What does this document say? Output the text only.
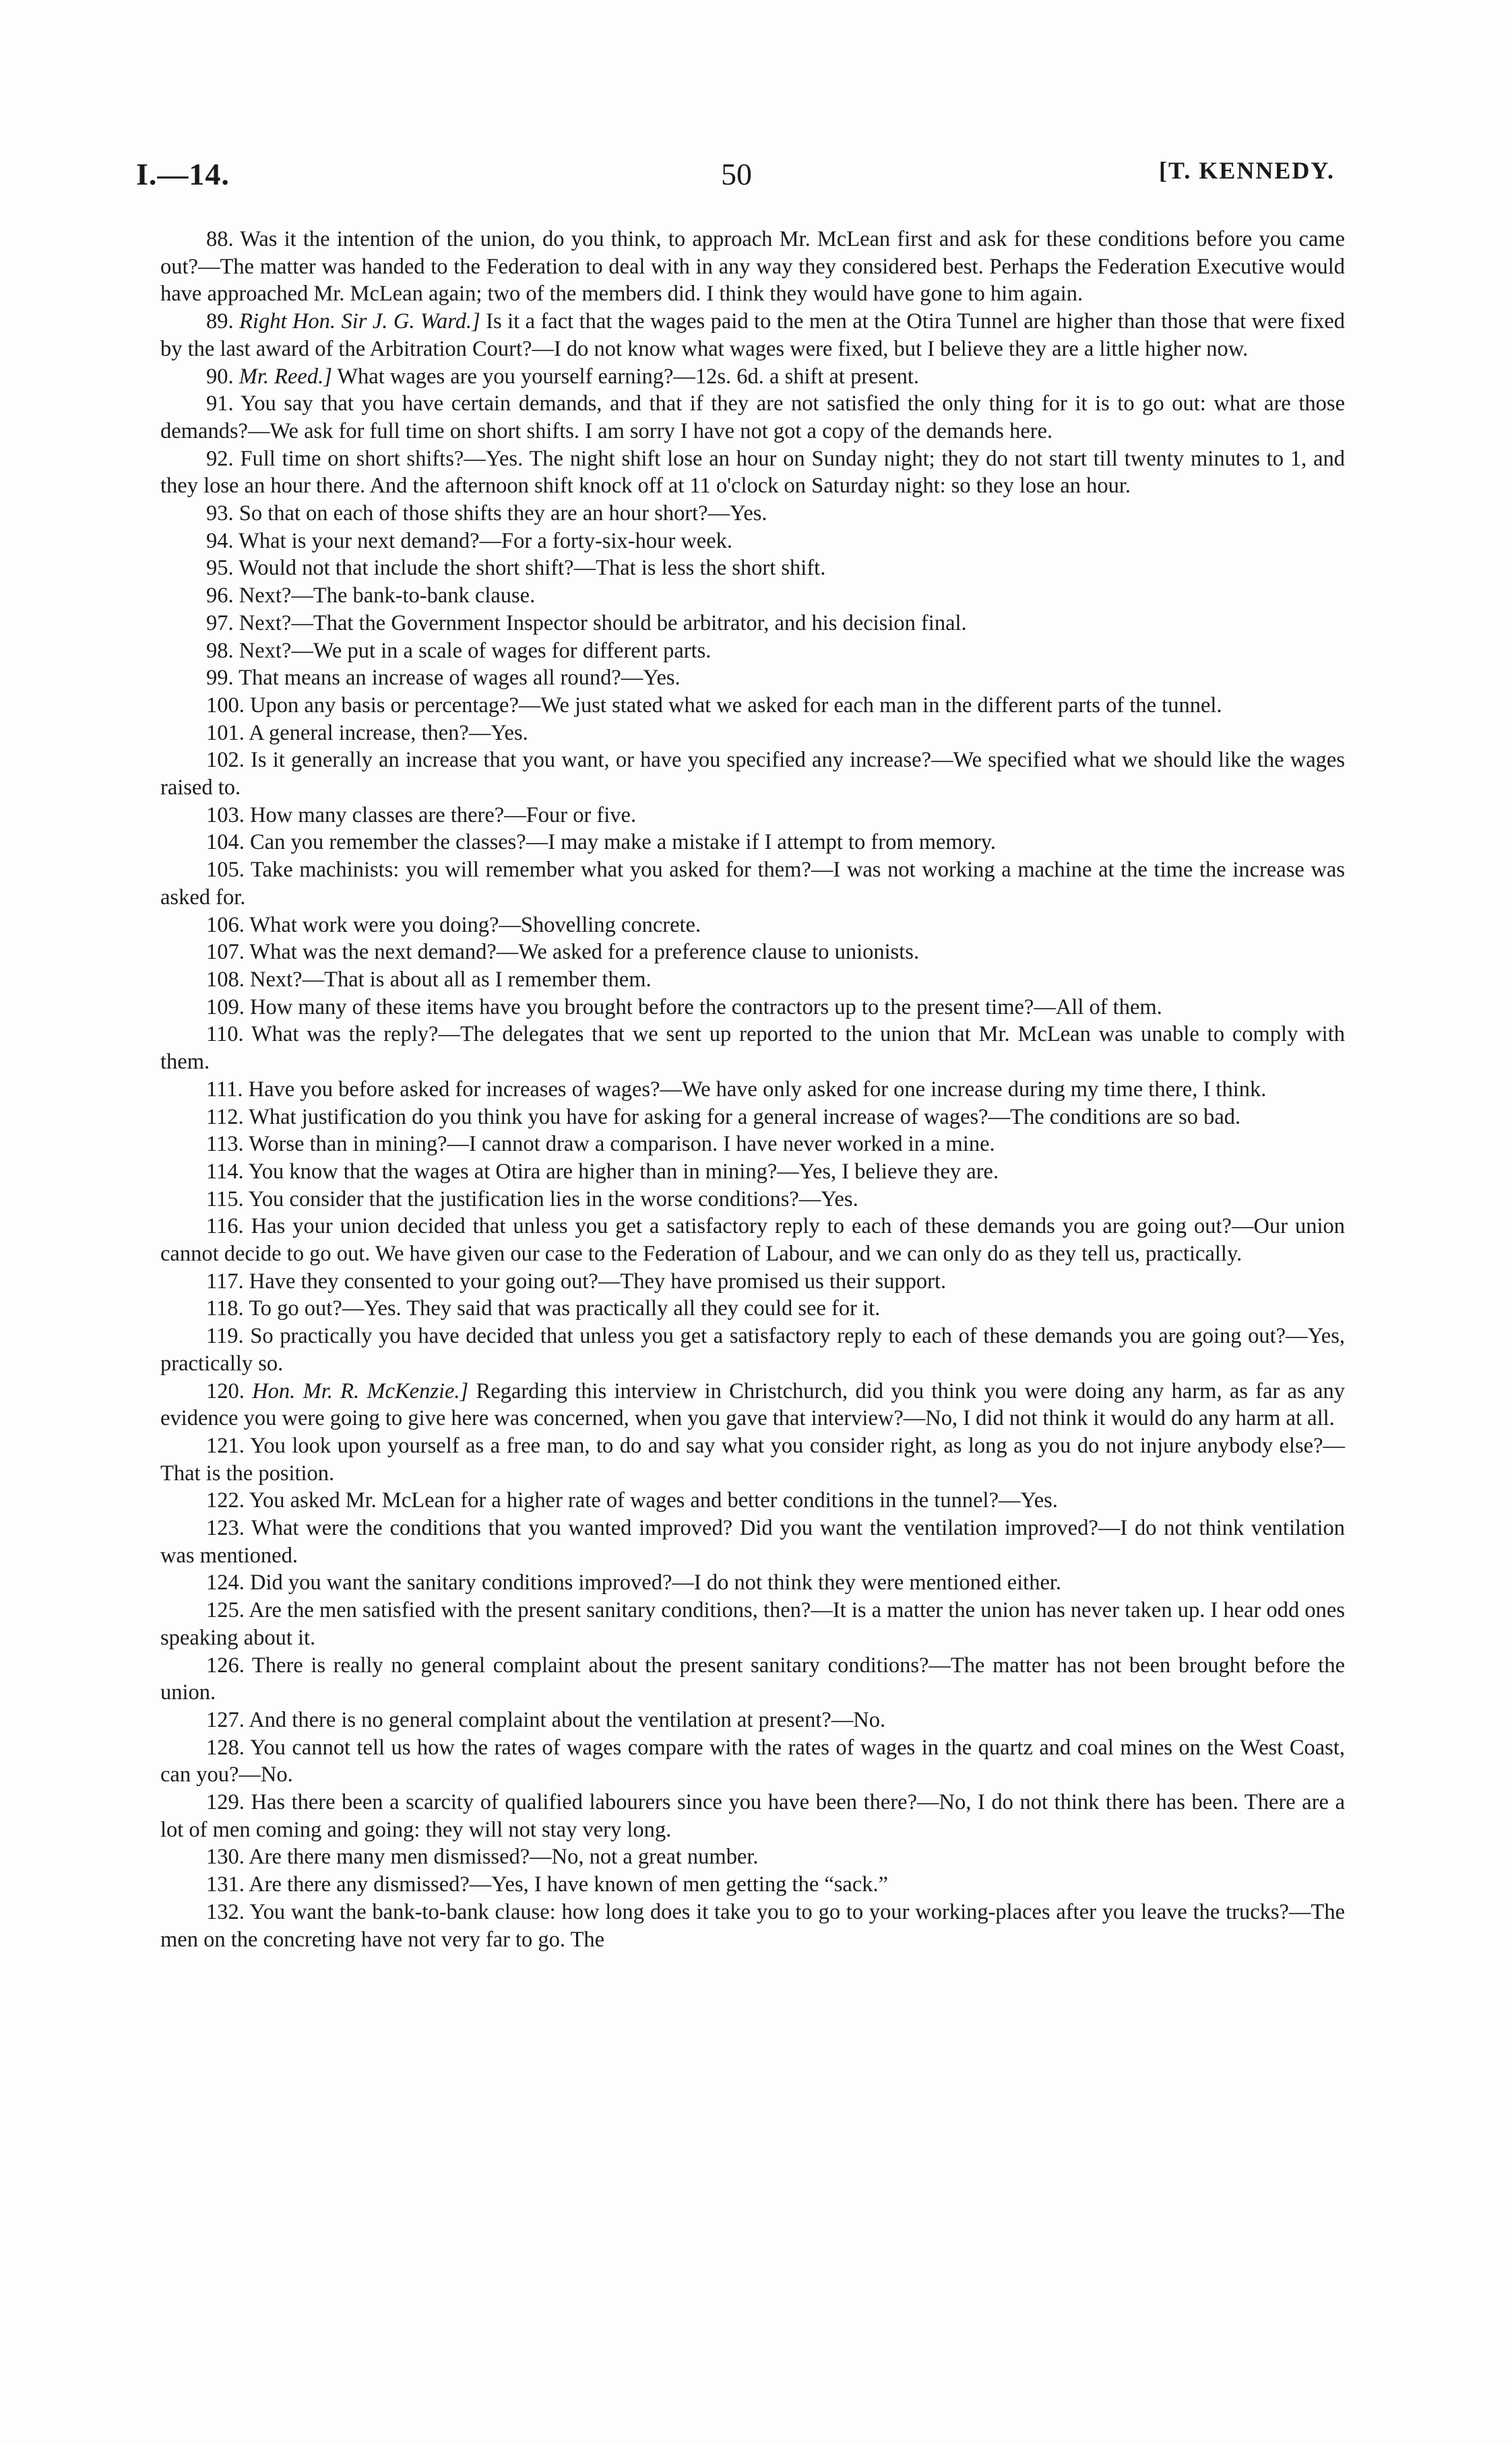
I.—14.	50	[T. KENNEDY.

88. Was it the intention of the union, do you think, to approach Mr. McLean first and ask for these conditions before you came out?—The matter was handed to the Federation to deal with in any way they considered best. Perhaps the Federation Executive would have approached Mr. McLean again; two of the members did. I think they would have gone to him again.

89. Right Hon. Sir J. G. Ward.] Is it a fact that the wages paid to the men at the Otira Tunnel are higher than those that were fixed by the last award of the Arbitration Court?—I do not know what wages were fixed, but I believe they are a little higher now.

90. Mr. Reed.] What wages are you yourself earning?—12s. 6d. a shift at present.

91. You say that you have certain demands, and that if they are not satisfied the only thing for it is to go out: what are those demands?—We ask for full time on short shifts. I am sorry I have not got a copy of the demands here.

92. Full time on short shifts?—Yes. The night shift lose an hour on Sunday night; they do not start till twenty minutes to 1, and they lose an hour there. And the afternoon shift knock off at 11 o'clock on Saturday night: so they lose an hour.

93. So that on each of those shifts they are an hour short?—Yes.

94. What is your next demand?—For a forty-six-hour week.

95. Would not that include the short shift?—That is less the short shift.

96. Next?—The bank-to-bank clause.

97. Next?—That the Government Inspector should be arbitrator, and his decision final.

98. Next?—We put in a scale of wages for different parts.

99. That means an increase of wages all round?—Yes.

100. Upon any basis or percentage?—We just stated what we asked for each man in the different parts of the tunnel.

101. A general increase, then?—Yes.

102. Is it generally an increase that you want, or have you specified any increase?—We specified what we should like the wages raised to.

103. How many classes are there?—Four or five.

104. Can you remember the classes?—I may make a mistake if I attempt to from memory.

105. Take machinists: you will remember what you asked for them?—I was not working a machine at the time the increase was asked for.

106. What work were you doing?—Shovelling concrete.

107. What was the next demand?—We asked for a preference clause to unionists.

108. Next?—That is about all as I remember them.

109. How many of these items have you brought before the contractors up to the present time?—All of them.

110. What was the reply?—The delegates that we sent up reported to the union that Mr. McLean was unable to comply with them.

111. Have you before asked for increases of wages?—We have only asked for one increase during my time there, I think.

112. What justification do you think you have for asking for a general increase of wages?—The conditions are so bad.

113. Worse than in mining?—I cannot draw a comparison. I have never worked in a mine.

114. You know that the wages at Otira are higher than in mining?—Yes, I believe they are.

115. You consider that the justification lies in the worse conditions?—Yes.

116. Has your union decided that unless you get a satisfactory reply to each of these demands you are going out?—Our union cannot decide to go out. We have given our case to the Federation of Labour, and we can only do as they tell us, practically.

117. Have they consented to your going out?—They have promised us their support.

118. To go out?—Yes. They said that was practically all they could see for it.

119. So practically you have decided that unless you get a satisfactory reply to each of these demands you are going out?—Yes, practically so.

120. Hon. Mr. R. McKenzie.] Regarding this interview in Christchurch, did you think you were doing any harm, as far as any evidence you were going to give here was concerned, when you gave that interview?—No, I did not think it would do any harm at all.

121. You look upon yourself as a free man, to do and say what you consider right, as long as you do not injure anybody else?—That is the position.

122. You asked Mr. McLean for a higher rate of wages and better conditions in the tunnel?—Yes.

123. What were the conditions that you wanted improved? Did you want the ventilation improved?—I do not think ventilation was mentioned.

124. Did you want the sanitary conditions improved?—I do not think they were mentioned either.

125. Are the men satisfied with the present sanitary conditions, then?—It is a matter the union has never taken up. I hear odd ones speaking about it.

126. There is really no general complaint about the present sanitary conditions?—The matter has not been brought before the union.

127. And there is no general complaint about the ventilation at present?—No.

128. You cannot tell us how the rates of wages compare with the rates of wages in the quartz and coal mines on the West Coast, can you?—No.

129. Has there been a scarcity of qualified labourers since you have been there?—No, I do not think there has been. There are a lot of men coming and going: they will not stay very long.

130. Are there many men dismissed?—No, not a great number.

131. Are there any dismissed?—Yes, I have known of men getting the “sack.”

132. You want the bank-to-bank clause: how long does it take you to go to your working-places after you leave the trucks?—The men on the concreting have not very far to go. The
